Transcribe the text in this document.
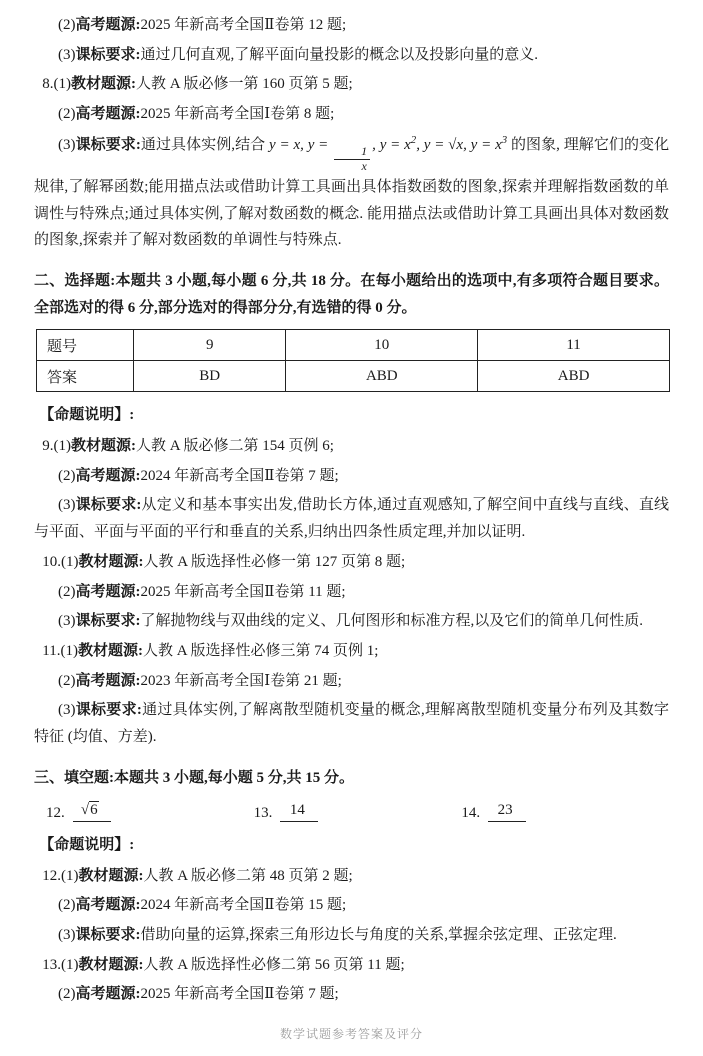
(2)高考题源:2025 年新高考全国Ⅱ卷第 12 题;

(3)课标要求:通过几何直观,了解平面向量投影的概念以及投影向量的意义.

8.(1)教材题源:人教 A 版必修一第 160 页第 5 题;

(2)高考题源:2025 年新高考全国Ⅰ卷第 8 题;

(3)课标要求:通过具体实例,结合 y = x, y =
$\frac{1}{x}$
, $y = x^2$, y = √x, $y = x^3$ 的图象, 理解它们的变化规律,了解幂函数;能用描点法或借助计算工具画出具体指数函数的图象,探索并理解指数函数的单调性与特殊点;通过具体实例,了解对数函数的概念. 能用描点法或借助计算工具画出具体对数函数的图象,探索并了解对数函数的单调性与特殊点.

二、选择题:本题共 3 小题,每小题 6 分,共 18 分。在每小题给出的选项中,有多项符合题目要求。全部选对的得 6 分,部分选对的得部分分,有选错的得 0 分。

题号	9	10	11
答案	BD	ABD	ABD

【命题说明】:

9.(1)教材题源:人教 A 版必修二第 154 页例 6;

(2)高考题源:2024 年新高考全国Ⅱ卷第 7 题;

(3)课标要求:从定义和基本事实出发,借助长方体,通过直观感知,了解空间中直线与直线、直线与平面、平面与平面的平行和垂直的关系,归纳出四条性质定理,并加以证明.

10.(1)教材题源:人教 A 版选择性必修一第 127 页第 8 题;

(2)高考题源:2025 年新高考全国Ⅱ卷第 11 题;

(3)课标要求:了解抛物线与双曲线的定义、几何图形和标准方程,以及它们的简单几何性质.

11.(1)教材题源:人教 A 版选择性必修三第 74 页例 1;

(2)高考题源:2023 年新高考全国Ⅰ卷第 21 题;

(3)课标要求:通过具体实例,了解离散型随机变量的概念,理解离散型随机变量分布列及其数字特征 (均值、方差).

三、填空题:本题共 3 小题,每小题 5 分,共 15 分。

12.	√6	13.	14	14.	23

【命题说明】:

12.(1)教材题源:人教 A 版必修二第 48 页第 2 题;

(2)高考题源:2024 年新高考全国Ⅱ卷第 15 题;

(3)课标要求:借助向量的运算,探索三角形边长与角度的关系,掌握余弦定理、正弦定理.

13.(1)教材题源:人教 A 版选择性必修二第 56 页第 11 题;

(2)高考题源:2025 年新高考全国Ⅱ卷第 7 题;

数学试题参考答案及评分
